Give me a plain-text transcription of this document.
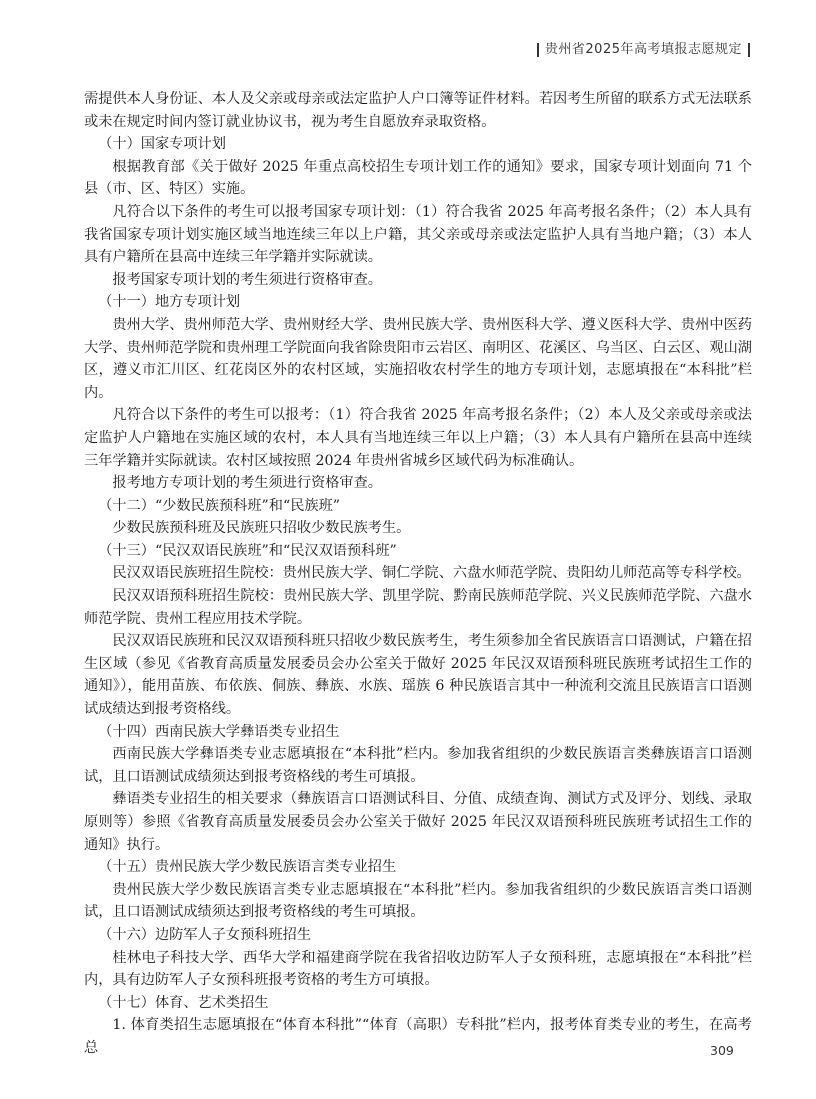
贵州省2025年高考填报志愿规定

需提供本人身份证、本人及父亲或母亲或法定监护人户口簿等证件材料。若因考生所留的联系方式无法联系或未在规定时间内签订就业协议书，视为考生自愿放弃录取资格。

（十）国家专项计划

根据教育部《关于做好 2025 年重点高校招生专项计划工作的通知》要求，国家专项计划面向 71 个县（市、区、特区）实施。

凡符合以下条件的考生可以报考国家专项计划：（1）符合我省 2025 年高考报名条件；（2）本人具有我省国家专项计划实施区域当地连续三年以上户籍，其父亲或母亲或法定监护人具有当地户籍；（3）本人具有户籍所在县高中连续三年学籍并实际就读。

报考国家专项计划的考生须进行资格审查。

（十一）地方专项计划

贵州大学、贵州师范大学、贵州财经大学、贵州民族大学、贵州医科大学、遵义医科大学、贵州中医药大学、贵州师范学院和贵州理工学院面向我省除贵阳市云岩区、南明区、花溪区、乌当区、白云区、观山湖区，遵义市汇川区、红花岗区外的农村区域，实施招收农村学生的地方专项计划，志愿填报在“本科批”栏内。

凡符合以下条件的考生可以报考：（1）符合我省 2025 年高考报名条件；（2）本人及父亲或母亲或法定监护人户籍地在实施区域的农村，本人具有当地连续三年以上户籍；（3）本人具有户籍所在县高中连续三年学籍并实际就读。农村区域按照 2024 年贵州省城乡区域代码为标准确认。

报考地方专项计划的考生须进行资格审查。

（十二）“少数民族预科班”和“民族班”

少数民族预科班及民族班只招收少数民族考生。

（十三）“民汉双语民族班”和“民汉双语预科班”

民汉双语民族班招生院校：贵州民族大学、铜仁学院、六盘水师范学院、贵阳幼儿师范高等专科学校。

民汉双语预科班招生院校：贵州民族大学、凯里学院、黔南民族师范学院、兴义民族师范学院、六盘水师范学院、贵州工程应用技术学院。

民汉双语民族班和民汉双语预科班只招收少数民族考生，考生须参加全省民族语言口语测试，户籍在招生区域（参见《省教育高质量发展委员会办公室关于做好 2025 年民汉双语预科班民族班考试招生工作的通知》），能用苗族、布依族、侗族、彝族、水族、瑶族 6 种民族语言其中一种流利交流且民族语言口语测试成绩达到报考资格线。

（十四）西南民族大学彝语类专业招生

西南民族大学彝语类专业志愿填报在“本科批”栏内。参加我省组织的少数民族语言类彝族语言口语测试，且口语测试成绩须达到报考资格线的考生可填报。

彝语类专业招生的相关要求（彝族语言口语测试科目、分值、成绩查询、测试方式及评分、划线、录取原则等）参照《省教育高质量发展委员会办公室关于做好 2025 年民汉双语预科班民族班考试招生工作的通知》执行。

（十五）贵州民族大学少数民族语言类专业招生

贵州民族大学少数民族语言类专业志愿填报在“本科批”栏内。参加我省组织的少数民族语言类口语测试，且口语测试成绩须达到报考资格线的考生可填报。

（十六）边防军人子女预科班招生

桂林电子科技大学、西华大学和福建商学院在我省招收边防军人子女预科班，志愿填报在“本科批”栏内，具有边防军人子女预科班报考资格的考生方可填报。

（十七）体育、艺术类招生

1. 体育类招生志愿填报在“体育本科批”“体育（高职）专科批”栏内，报考体育类专业的考生，在高考总	309
